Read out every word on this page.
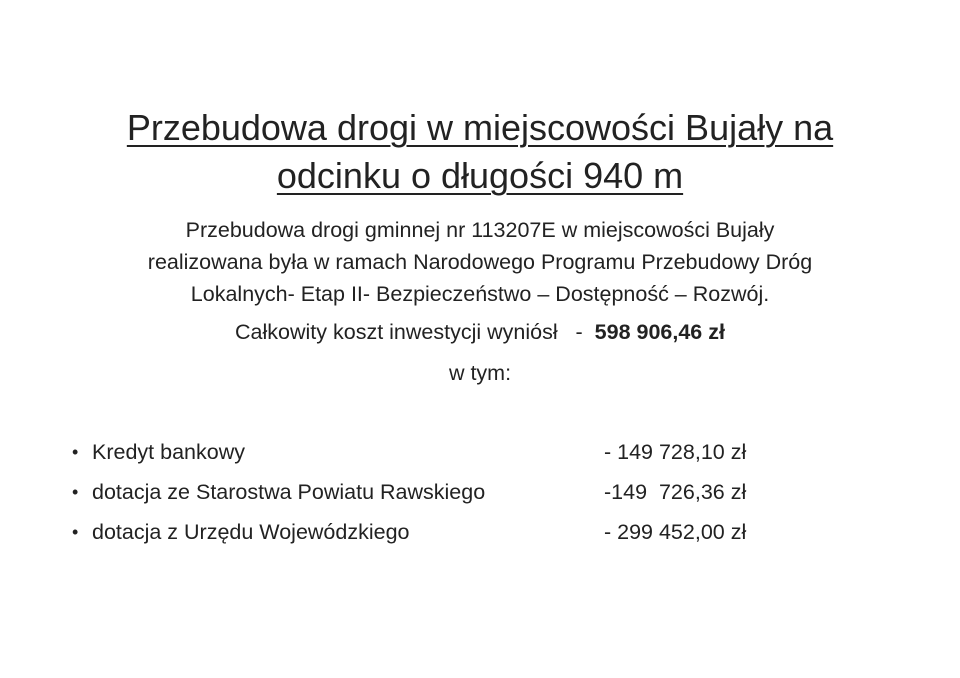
Przebudowa drogi w miejscowości Bujały na
odcinku o długości 940 m

Przebudowa drogi gminnej nr 113207E w miejscowości Bujały
realizowana była w ramach Narodowego Programu Przebudowy Dróg
Lokalnych- Etap II- Bezpieczeństwo – Dostępność – Rozwój.

Całkowity koszt inwestycji wyniósł   -  598 906,46 zł

w tym:

• Kredyt bankowy	- 149 728,10 zł
• dotacja ze Starostwa Powiatu Rawskiego	-149  726,36 zł
• dotacja z Urzędu Wojewódzkiego	- 299 452,00 zł
